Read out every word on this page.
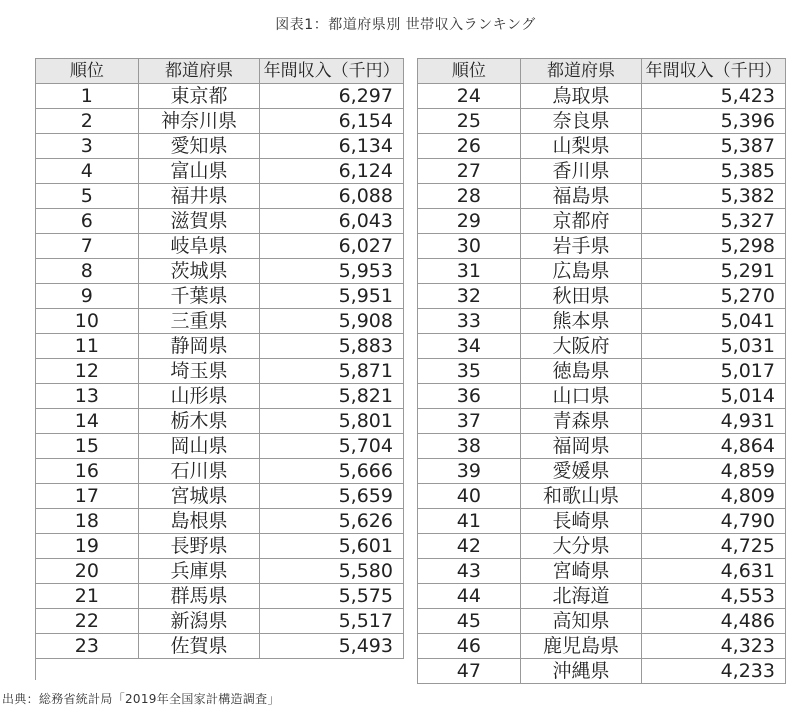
図表1：都道府県別 世帯収入ランキング
順位	都道府県	年間収入（千円）
1	東京都	6,297
2	神奈川県	6,154
3	愛知県	6,134
4	富山県	6,124
5	福井県	6,088
6	滋賀県	6,043
7	岐阜県	6,027
8	茨城県	5,953
9	千葉県	5,951
10	三重県	5,908
11	静岡県	5,883
12	埼玉県	5,871
13	山形県	5,821
14	栃木県	5,801
15	岡山県	5,704
16	石川県	5,666
17	宮城県	5,659
18	島根県	5,626
19	長野県	5,601
20	兵庫県	5,580
21	群馬県	5,575
22	新潟県	5,517
23	佐賀県	5,493
順位	都道府県	年間収入（千円）
24	鳥取県	5,423
25	奈良県	5,396
26	山梨県	5,387
27	香川県	5,385
28	福島県	5,382
29	京都府	5,327
30	岩手県	5,298
31	広島県	5,291
32	秋田県	5,270
33	熊本県	5,041
34	大阪府	5,031
35	徳島県	5,017
36	山口県	5,014
37	青森県	4,931
38	福岡県	4,864
39	愛媛県	4,859
40	和歌山県	4,809
41	長崎県	4,790
42	大分県	4,725
43	宮崎県	4,631
44	北海道	4,553
45	高知県	4,486
46	鹿児島県	4,323
47	沖縄県	4,233
出典：総務省統計局「2019年全国家計構造調査」
